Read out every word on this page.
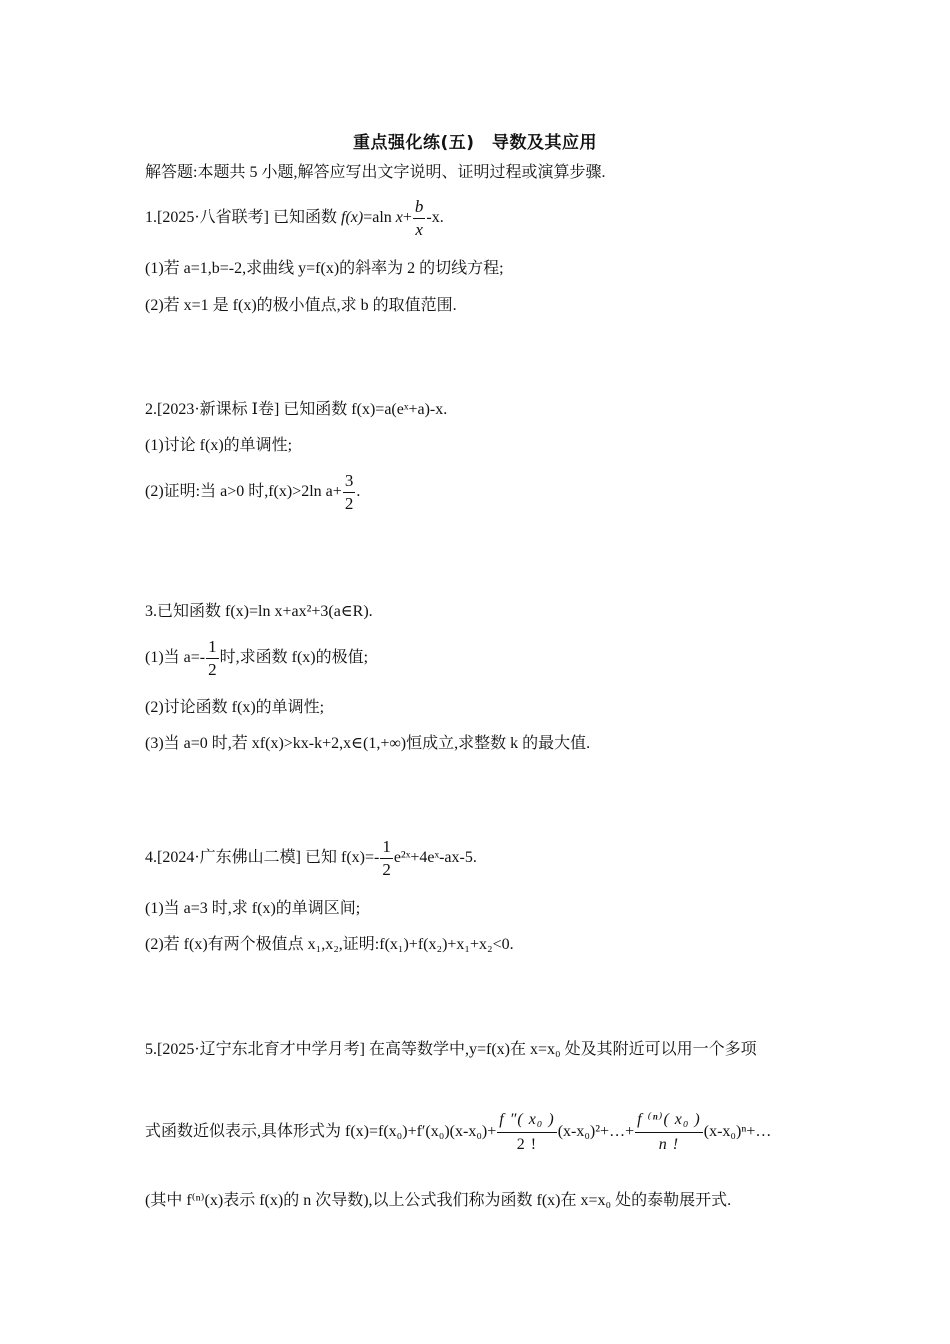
重点强化练(五)　导数及其应用
解答题:本题共 5 小题,解答应写出文字说明、证明过程或演算步骤.
1.[2025·八省联考] 已知函数 f(x)=aln $x+ \frac{b}{x} -x$.
(1)若 a=1,b=-2,求曲线 y=f(x)的斜率为 2 的切线方程;
(2)若 x=1 是 f(x)的极小值点,求 b 的取值范围.
2.[2023·新课标 Ⅰ卷] 已知函数 f(x)=a(eˣ+a)-x.
(1)讨论 f(x)的单调性;
(2)证明:当 a>0 时,f(x)>2ln $a+ \frac{3}{2}$ .
3.已知函数 f(x)=ln x+ax²+3(a∈R).
(1)当 $a=- \frac{1}{2}$ 时,求函数 f(x)的极值;
(2)讨论函数 f(x)的单调性;
(3)当 a=0 时,若 xf(x)>kx-k+2,x∈(1,+∞)恒成立,求整数 k 的最大值.
4.[2024·广东佛山二模] 已知 $f(x)=- \frac{1}{2}$ e²ˣ+4eˣ-ax-5.
(1)当 a=3 时,求 f(x)的单调区间;
(2)若 f(x)有两个极值点 x₁,x₂,证明:f(x₁)+f(x₂)+x₁+x₂<0.
5.[2025·辽宁东北育才中学月考] 在高等数学中,y=f(x)在 x=x₀ 处及其附近可以用一个多项
式函数近似表示,具体形式为 $f(x)=f(x_0)+f'(x_0)(x-x_0)+ \frac{\text{f ″( x₀ )}}{2 !}$ (x-x₀)²+…+ $\frac{\text{f ⁽ⁿ⁾( x₀ )}}{n !}$ (x-x₀)ⁿ+…
(其中 f⁽ⁿ⁾(x)表示 f(x)的 n 次导数),以上公式我们称为函数 f(x)在 x=x₀ 处的泰勒展开式.
